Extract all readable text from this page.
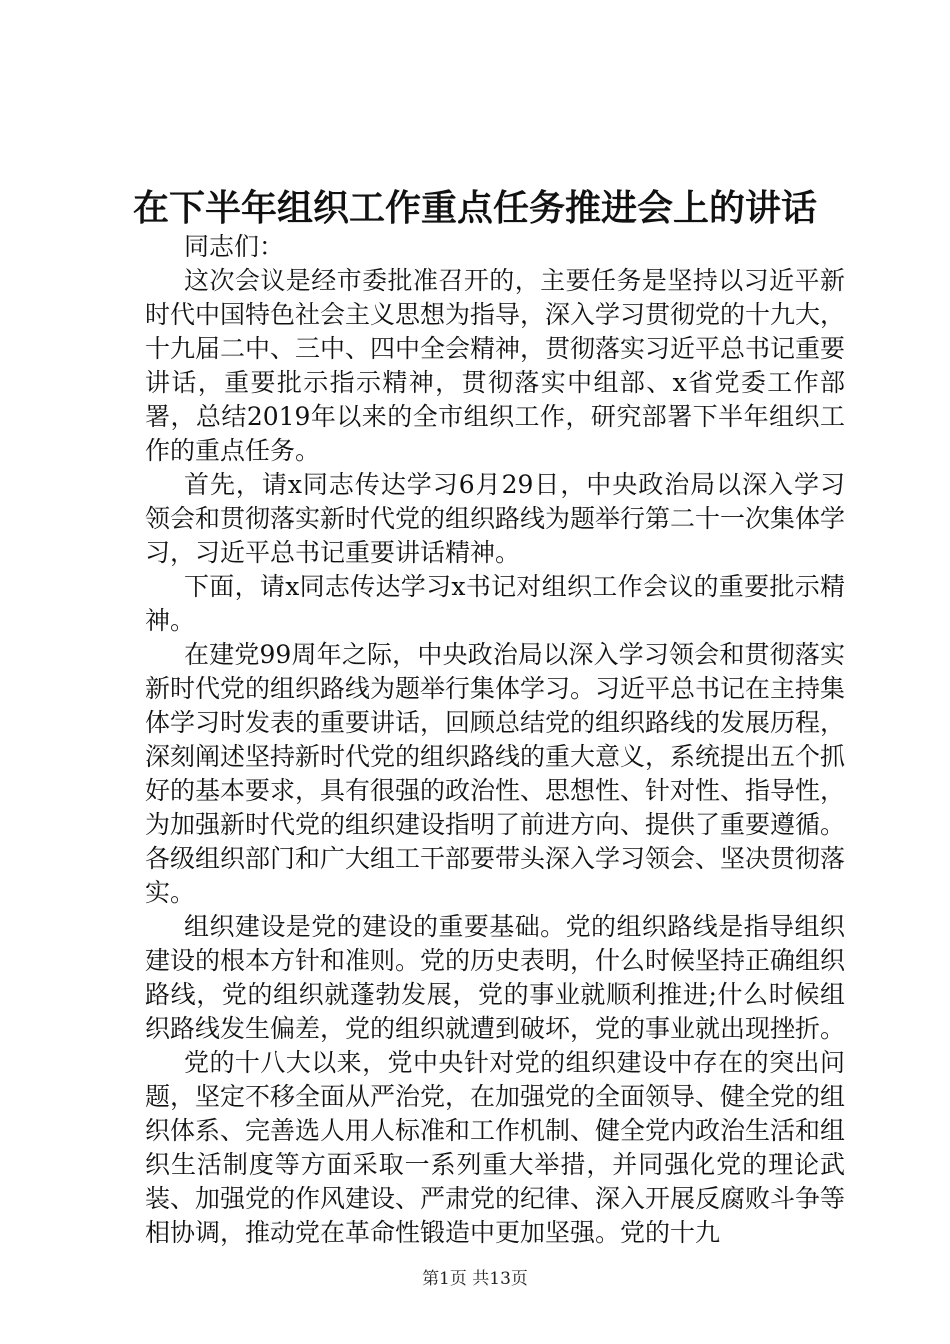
在下半年组织工作重点任务推进会上的讲话

同志们：

这次会议是经市委批准召开的，主要任务是坚持以习近平新时代中国特色社会主义思想为指导，深入学习贯彻党的十九大，十九届二中、三中、四中全会精神，贯彻落实习近平总书记重要讲话，重要批示指示精神，贯彻落实中组部、x省党委工作部署，总结2019年以来的全市组织工作，研究部署下半年组织工作的重点任务。

首先，请x同志传达学习6月29日，中央政治局以深入学习领会和贯彻落实新时代党的组织路线为题举行第二十一次集体学习，习近平总书记重要讲话精神。

下面，请x同志传达学习x书记对组织工作会议的重要批示精神。

在建党99周年之际，中央政治局以深入学习领会和贯彻落实新时代党的组织路线为题举行集体学习。习近平总书记在主持集体学习时发表的重要讲话，回顾总结党的组织路线的发展历程，深刻阐述坚持新时代党的组织路线的重大意义，系统提出五个抓好的基本要求，具有很强的政治性、思想性、针对性、指导性，为加强新时代党的组织建设指明了前进方向、提供了重要遵循。各级组织部门和广大组工干部要带头深入学习领会、坚决贯彻落实。

组织建设是党的建设的重要基础。党的组织路线是指导组织建设的根本方针和准则。党的历史表明，什么时候坚持正确组织路线，党的组织就蓬勃发展，党的事业就顺利推进;什么时候组织路线发生偏差，党的组织就遭到破坏，党的事业就出现挫折。

党的十八大以来，党中央针对党的组织建设中存在的突出问题，坚定不移全面从严治党，在加强党的全面领导、健全党的组织体系、完善选人用人标准和工作机制、健全党内政治生活和组织生活制度等方面采取一系列重大举措，并同强化党的理论武装、加强党的作风建设、严肃党的纪律、深入开展反腐败斗争等相协调，推动党在革命性锻造中更加坚强。党的十九

第1页 共13页
